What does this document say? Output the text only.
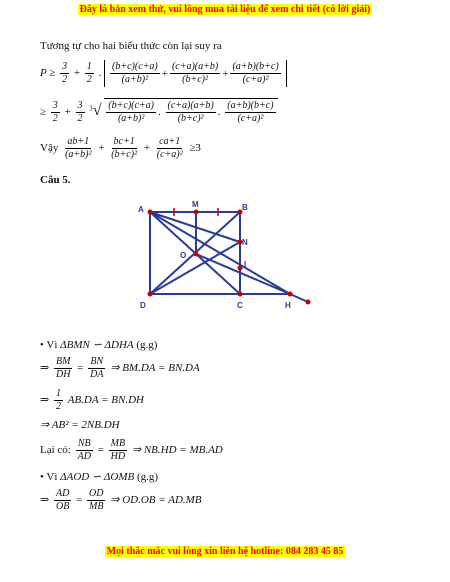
Đây là bản xem thử, vui lòng mua tài liệu để xem chi tiết (có lời giải)
Mọi thắc mắc vui lòng xin liên hệ hotline: 084 283 45 85
Tương tự cho hai biểu thức còn lại suy ra
$P \ge \frac{3}{2} + \frac{1}{2}$ . $\frac{(b+c)(c+a)}{\text{(a+b)²}} + \frac{(c+a)(a+b)}{\text{(b+c)²}} + \frac{(a+b)(b+c)}{\text{(c+a)²}}$
≥ $\frac{3}{2} + \frac{3}{2} ^3√ \frac{(b+c)(c+a)}{\text{(a+b)²}}$ . $\frac{(c+a)(a+b)}{\text{(b+c)²}}$ . $\frac{(a+b)(b+c)}{\text{(c+a)²}}$
Vậy $\frac{ab+1}{\text{(a+b)²}} + \frac{bc+1}{\text{(b+c)²}} + \frac{ca+1}{\text{(c+a)²}} \ge 3$
Câu 5.
A
M	B
N
O
I
D	C	H
• Vì ΔBMN ∽ ΔDHA (g.g)
⇒ $\frac{BM}{DH} = \frac{BN}{DA}$ ⇒ BM.DA = BN.DA
⇒ $\frac{1}{2} AB.DA = BN.DH$
⇒ AB² = 2NB.DH
Lại có: $\frac{NB}{AD} = \frac{MB}{HD}$ ⇒ NB.HD = MB.AD
• Vì ΔAOD ∽ ΔOMB (g.g)
⇒ $\frac{AD}{OB} = \frac{OD}{MB}$ ⇒ OD.OB = AD.MB
